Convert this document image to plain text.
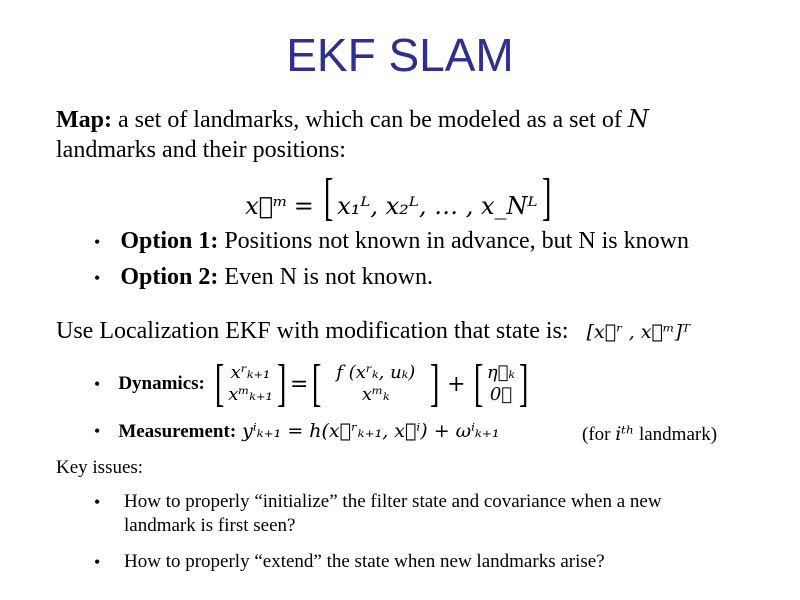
EKF SLAM
Map: a set of landmarks, which can be modeled as a set of N
landmarks and their positions:
x⃗ᵐ = [ x₁ᴸ, x₂ᴸ, … , x_Nᴸ]
• Option 1: Positions not known in advance, but N is known
• Option 2: Even N is not known.
Use Localization EKF with modification that state is: [x⃗ʳ , x⃗ᵐ]ᵀ
• Dynamics: [ xʳₖ₊₁
xᵐₖ₊₁ ] = [ f (xʳₖ, uₖ)
xᵐₖ ] + [ η⃗ₖ
0⃗ ]
• Measurement: yⁱₖ₊₁ = h(x⃗ʳₖ₊₁, x⃗ⁱ) + ωⁱₖ₊₁	(for iᵗʰ landmark)
Key issues:
• How to properly “initialize” the filter state and covariance when a new
landmark is first seen?
• How to properly “extend” the state when new landmarks arise?
